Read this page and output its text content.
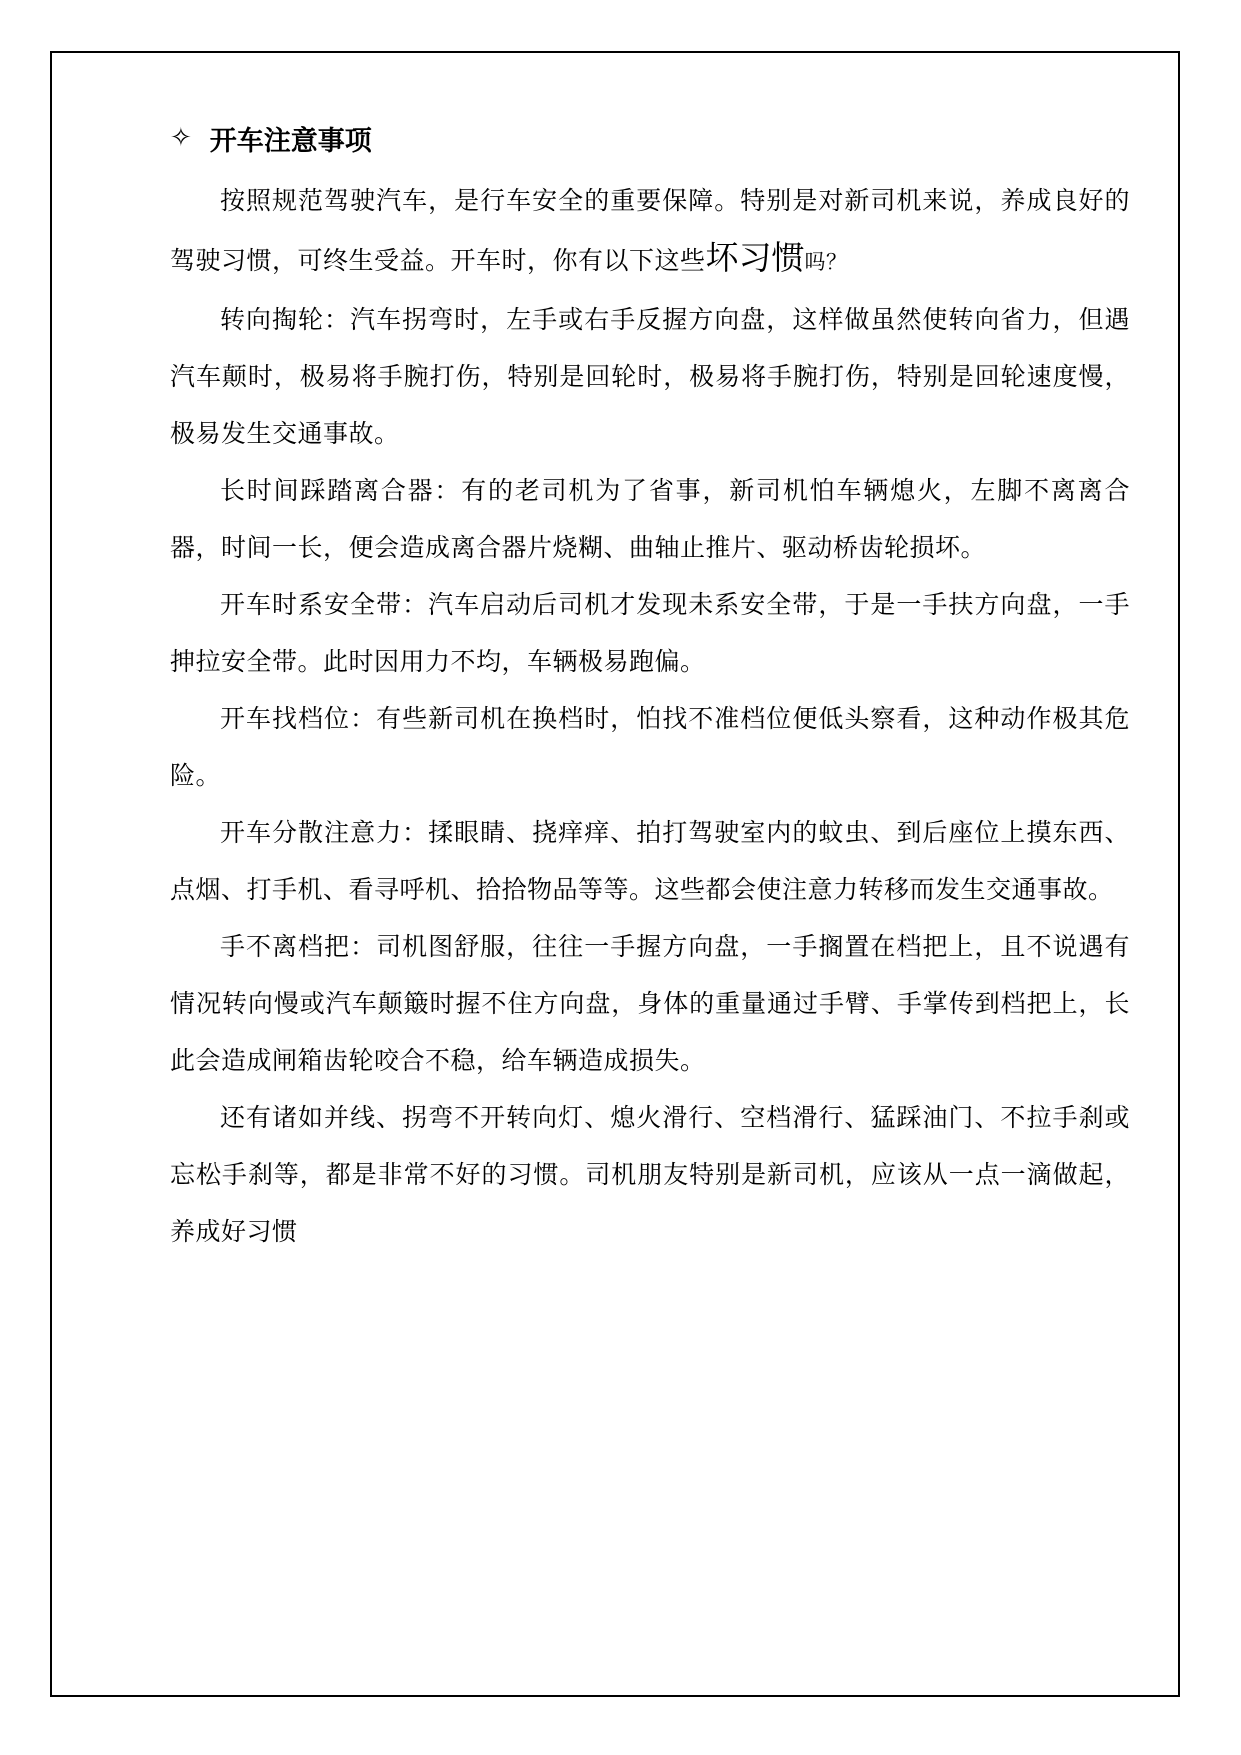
✧ 开车注意事项

按照规范驾驶汽车，是行车安全的重要保障。特别是对新司机来说，养成良好的驾驶习惯，可终生受益。开车时，你有以下这些坏习惯吗？

转向掏轮：汽车拐弯时，左手或右手反握方向盘，这样做虽然使转向省力，但遇汽车颠时，极易将手腕打伤，特别是回轮时，极易将手腕打伤，特别是回轮速度慢，极易发生交通事故。

长时间踩踏离合器：有的老司机为了省事，新司机怕车辆熄火，左脚不离离合器，时间一长，便会造成离合器片烧糊、曲轴止推片、驱动桥齿轮损坏。

开车时系安全带：汽车启动后司机才发现未系安全带，于是一手扶方向盘，一手抻拉安全带。此时因用力不均，车辆极易跑偏。

开车找档位：有些新司机在换档时，怕找不准档位便低头察看，这种动作极其危险。

开车分散注意力：揉眼睛、挠痒痒、拍打驾驶室内的蚊虫、到后座位上摸东西、点烟、打手机、看寻呼机、拾拾物品等等。这些都会使注意力转移而发生交通事故。

手不离档把：司机图舒服，往往一手握方向盘，一手搁置在档把上，且不说遇有情况转向慢或汽车颠簸时握不住方向盘，身体的重量通过手臂、手掌传到档把上，长此会造成闸箱齿轮咬合不稳，给车辆造成损失。

还有诸如并线、拐弯不开转向灯、熄火滑行、空档滑行、猛踩油门、不拉手刹或忘松手刹等，都是非常不好的习惯。司机朋友特别是新司机，应该从一点一滴做起，养成好习惯
